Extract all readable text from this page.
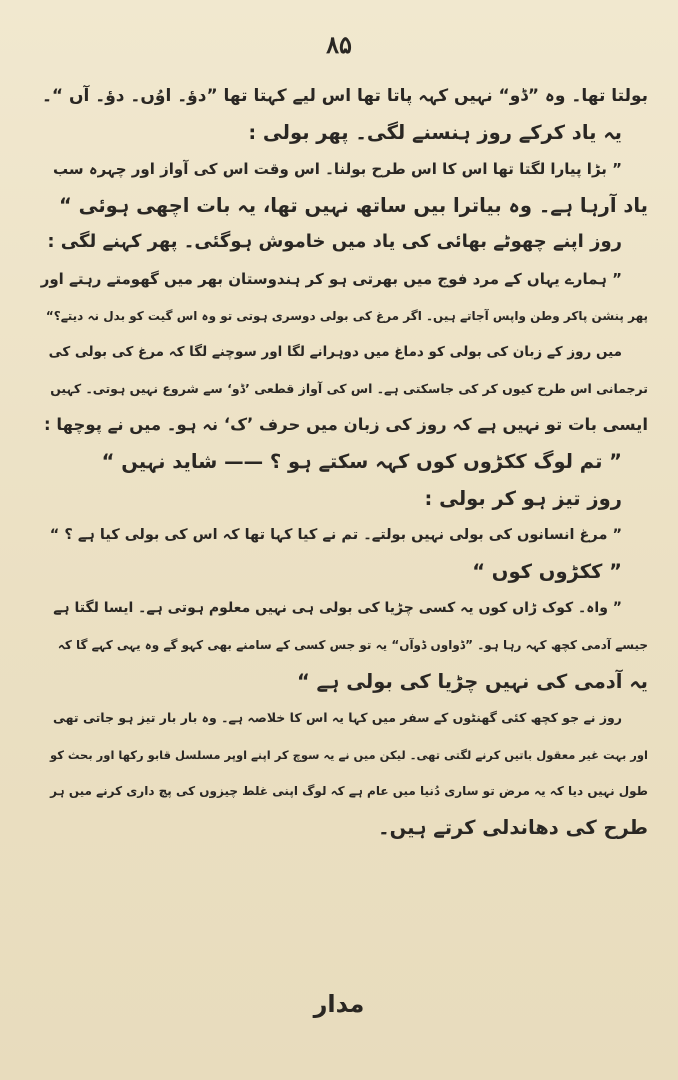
۸۵
بولتا تھا۔ وہ ”ڈو“ نہیں کہہ پاتا تھا اس لیے کہتا تھا ”دؤ۔ اوُں۔ دؤ۔ آں “۔
یہ یاد کرکے روز ہنسنے لگی۔ پھر بولی :
” بڑا پیارا لگتا تھا اس کا اس طرح بولنا۔ اس وقت اس کی آواز اور چہرہ سب
یاد آرہا ہے۔ وہ بیاترا بیں ساتھ نہیں تھا، یہ بات اچھی ہوئی “
روز اپنے چھوٹے بھائی کی یاد میں خاموش ہوگئی۔ پھر کہنے لگی :
” ہمارے یہاں کے مرد فوج میں بھرتی ہو کر ہندوستان بھر میں گھومتے رہتے اور
پھر پنشن پاکر وطن واپس آجاتے ہیں۔ اگر مرغ کی بولی دوسری ہوتی تو وہ اس گیت کو بدل نہ دیتے؟“
میں روز کے زبان کی بولی کو دماغ میں دوہرانے لگا اور سوچنے لگا کہ مرغ کی بولی کی
ترجمانی اس طرح کیوں کر کی جاسکتی ہے۔ اس کی آواز قطعی ’ڈو‘ سے شروع نہیں ہوتی۔ کہیں
ایسی بات تو نہیں ہے کہ روز کی زبان میں حرف ’ک‘ نہ ہو۔ میں نے پوچھا :
” تم لوگ ککڑوں کوں کہہ سکتے ہو ؟ —— شاید نہیں “
روز تیز ہو کر بولی :
” مرغ انسانوں کی بولی نہیں بولتے۔ تم نے کیا کہا تھا کہ اس کی بولی کیا ہے ؟ “
” ککڑوں کوں “
” واہ۔ کوک ڑاں کوں یہ کسی چڑیا کی بولی ہی نہیں معلوم ہوتی ہے۔ ایسا لگتا ہے
جیسے آدمی کچھ کہہ رہا ہو۔ ”ڈواوں ڈوآں“ یہ تو جس کسی کے سامنے بھی کہو گے وہ یہی کہے گا کہ
یہ آدمی کی نہیں چڑیا کی بولی ہے “
روز نے جو کچھ کئی گھنٹوں کے سفر میں کہا یہ اس کا خلاصہ ہے۔ وہ بار بار تیز ہو جاتی تھی
اور بہت غیر معقول باتیں کرنے لگتی تھی۔ لیکن میں نے یہ سوچ کر اپنے اوپر مسلسل قابو رکھا اور بحث کو
طول نہیں دیا کہ یہ مرض تو ساری دُنیا میں عام ہے کہ لوگ اپنی غلط چیزوں کی پچ داری کرنے میں ہر
طرح کی دھاندلی کرتے ہیں۔
مدار
